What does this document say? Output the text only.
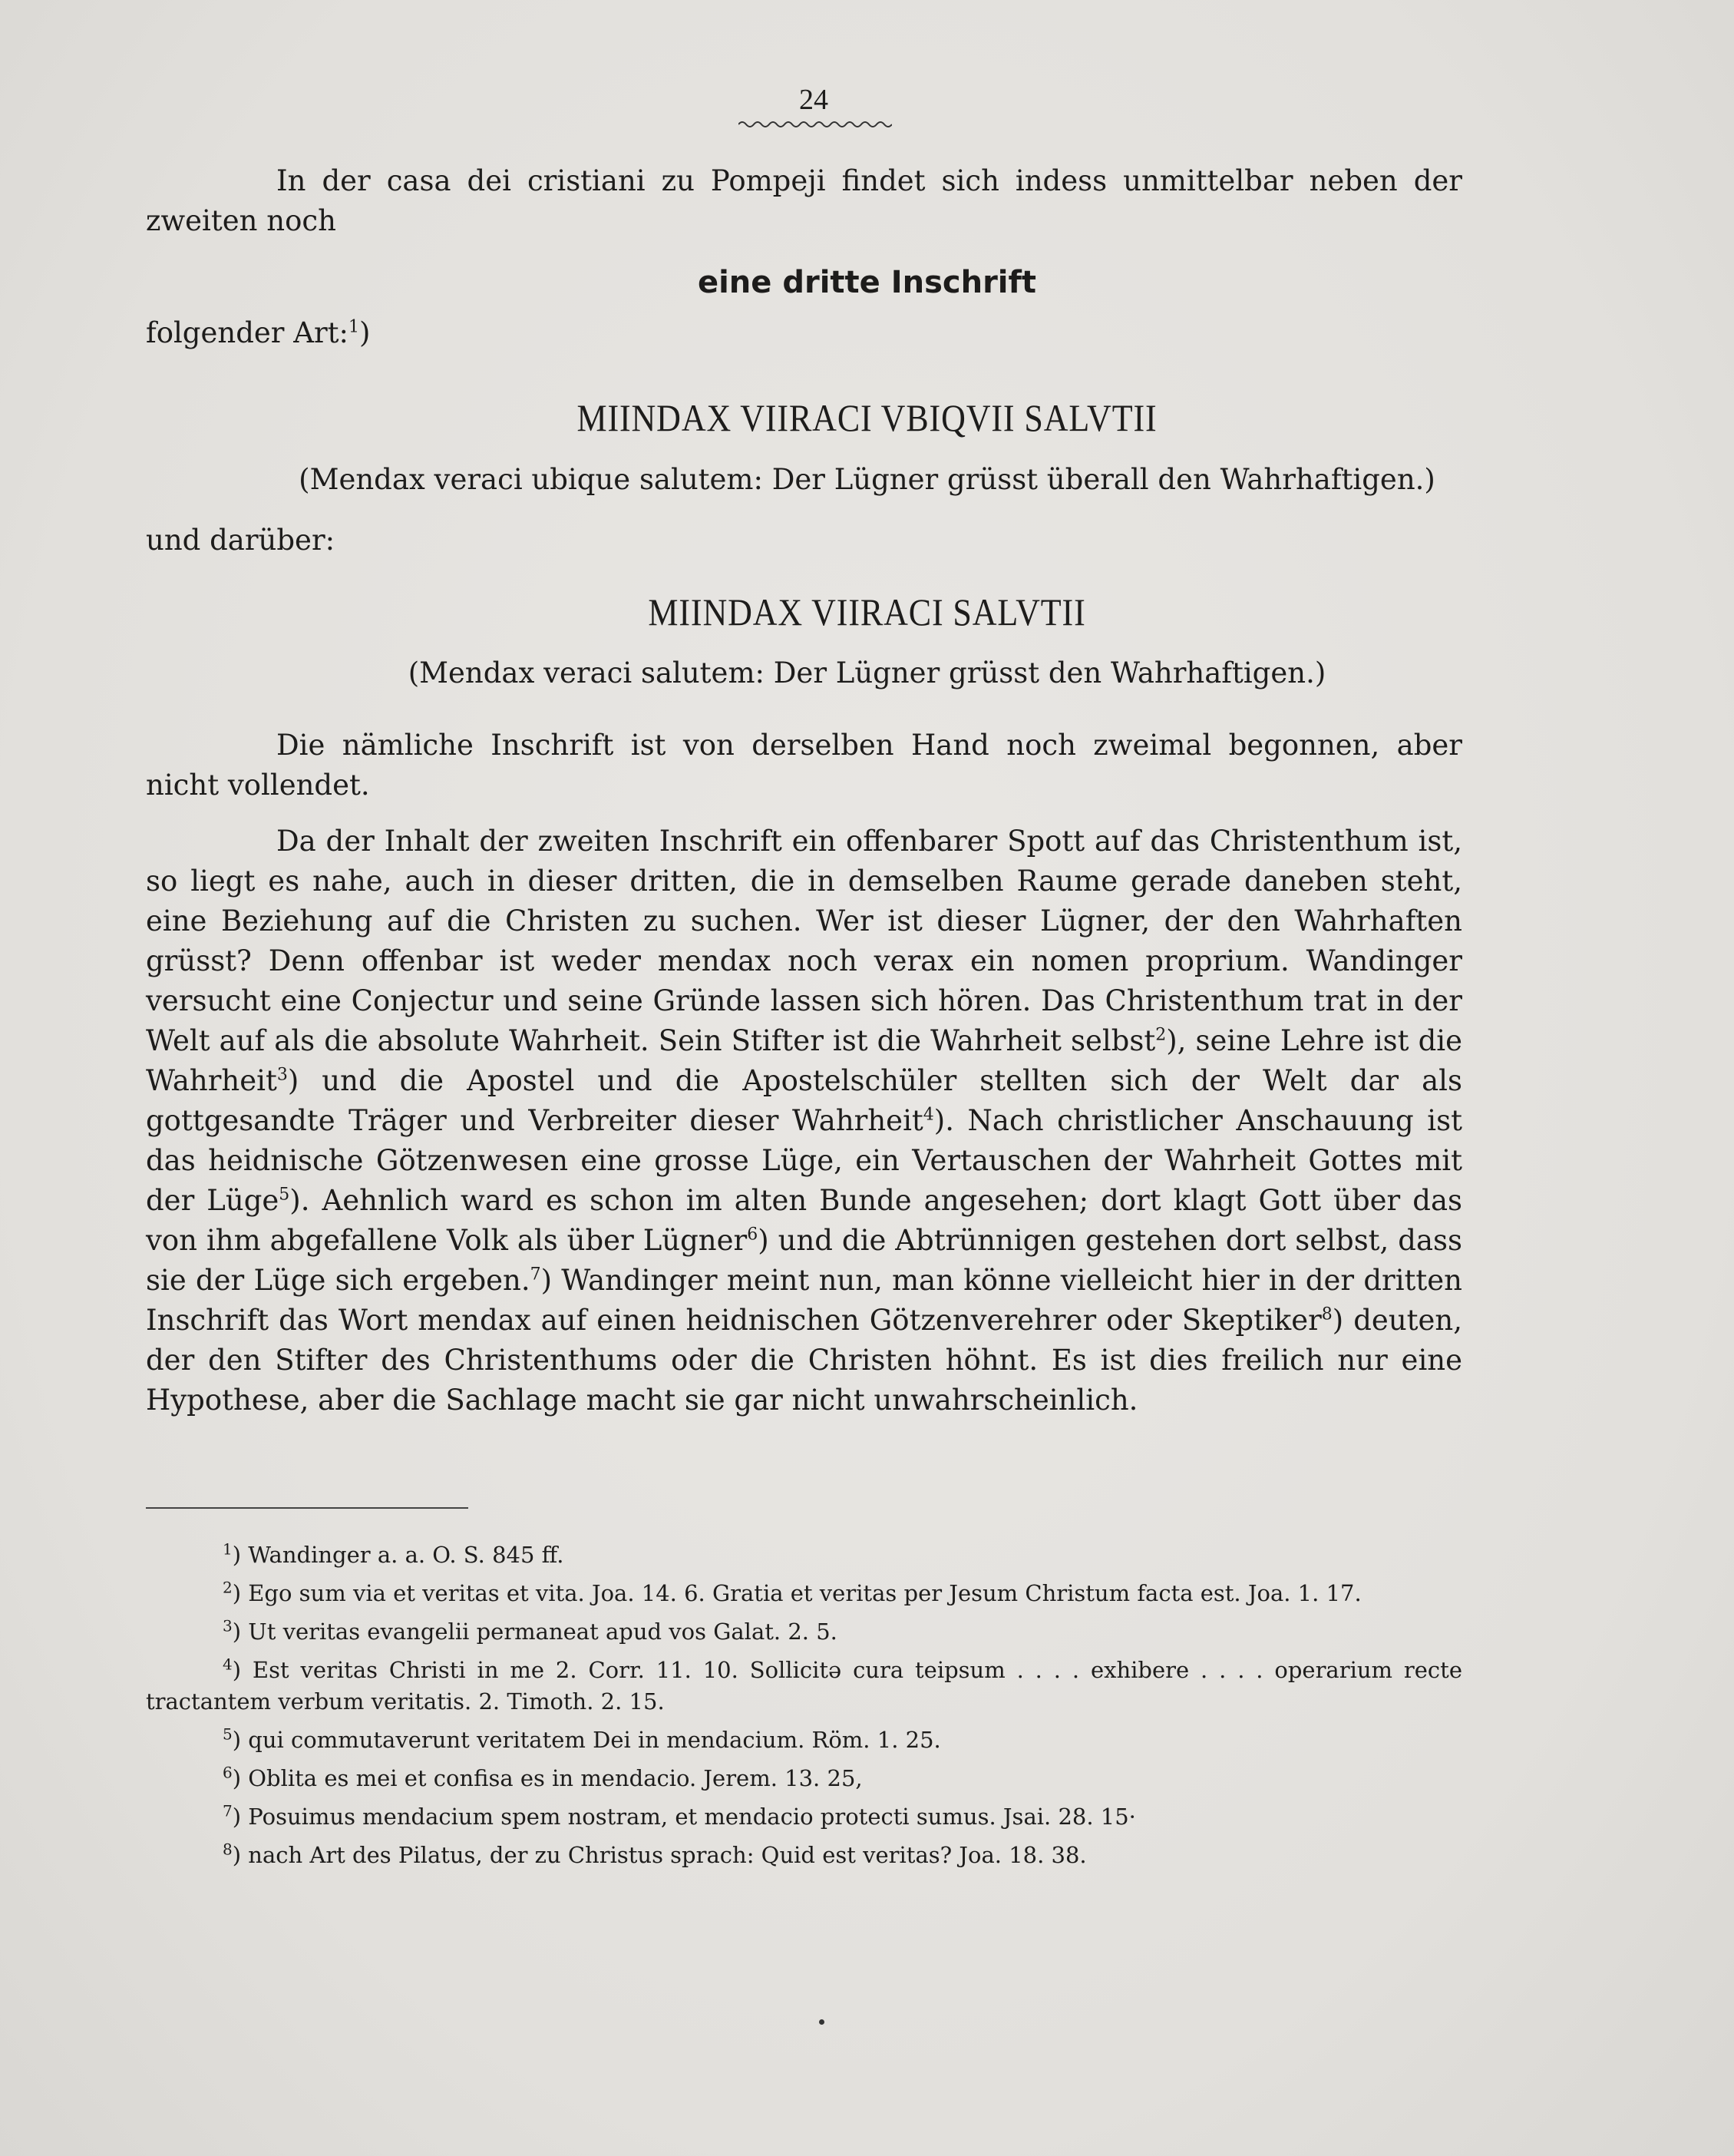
24

In der casa dei cristiani zu Pompeji findet sich indess unmittelbar neben der

zweiten noch

eine dritte Inschrift
folgender Art:$^1$)
MIINDAX VIIRACI VBIQVII SALVTII
(Mendax veraci ubique salutem: Der Lügner grüsst überall den Wahrhaftigen.)
und darüber:
MIINDAX VIIRACI SALVTII
(Mendax veraci salutem: Der Lügner grüsst den Wahrhaftigen.)

Die nämliche Inschrift ist von derselben Hand noch zweimal begonnen, aber nicht vollendet.

Da der Inhalt der zweiten Inschrift ein offenbarer Spott auf das Christenthum ist, so liegt es nahe, auch in dieser dritten, die in demselben Raume gerade daneben steht, eine Beziehung auf die Christen zu suchen. Wer ist dieser Lügner, der den Wahrhaften grüsst? Denn offenbar ist weder mendax noch verax ein nomen proprium. Wandinger versucht eine Conjectur und seine Gründe lassen sich hören. Das Christenthum trat in der Welt auf als die absolute Wahrheit. Sein Stifter ist die Wahrheit selbst$^2$), seine Lehre ist die Wahrheit$^3$) und die Apostel und die Apostelschüler stellten sich der Welt dar als gottgesandte Träger und Verbreiter dieser Wahrheit$^4$). Nach christlicher Anschauung ist das heidnische Götzenwesen eine grosse Lüge, ein Vertauschen der Wahrheit Gottes mit der Lüge$^5$). Aehnlich ward es schon im alten Bunde angesehen; dort klagt Gott über das von ihm abgefallene Volk als über Lügner$^6$) und die Abtrünnigen gestehen dort selbst, dass sie der Lüge sich ergeben.$^7$) Wandinger meint nun, man könne vielleicht hier in der dritten Inschrift das Wort mendax auf einen heidnischen Götzenverehrer oder Skeptiker$^8$) deuten, der den Stifter des Christenthums oder die Christen höhnt. Es ist dies freilich nur eine Hypothese, aber die Sachlage macht sie gar nicht unwahrscheinlich.

$^1$) Wandinger a. a. O. S. 845 ff.

$^2$) Ego sum via et veritas et vita. Joa. 14. 6. Gratia et veritas per Jesum Christum facta est. Joa. 1. 17.

$^3$) Ut veritas evangelii permaneat apud vos Galat. 2. 5.

$^4$) Est veritas Christi in me 2. Corr. 11. 10. Sollicitə cura teipsum . . . . exhibere . . . . operarium recte tractantem verbum veritatis. 2. Timoth. 2. 15.

$^5$) qui commutaverunt veritatem Dei in mendacium. Röm. 1. 25.

$^6$) Oblita es mei et confisa es in mendacio. Jerem. 13. 25,

$^7$) Posuimus mendacium spem nostram, et mendacio protecti sumus. Jsai. 28. 15·

$^8$) nach Art des Pilatus, der zu Christus sprach: Quid est veritas? Joa. 18. 38.
